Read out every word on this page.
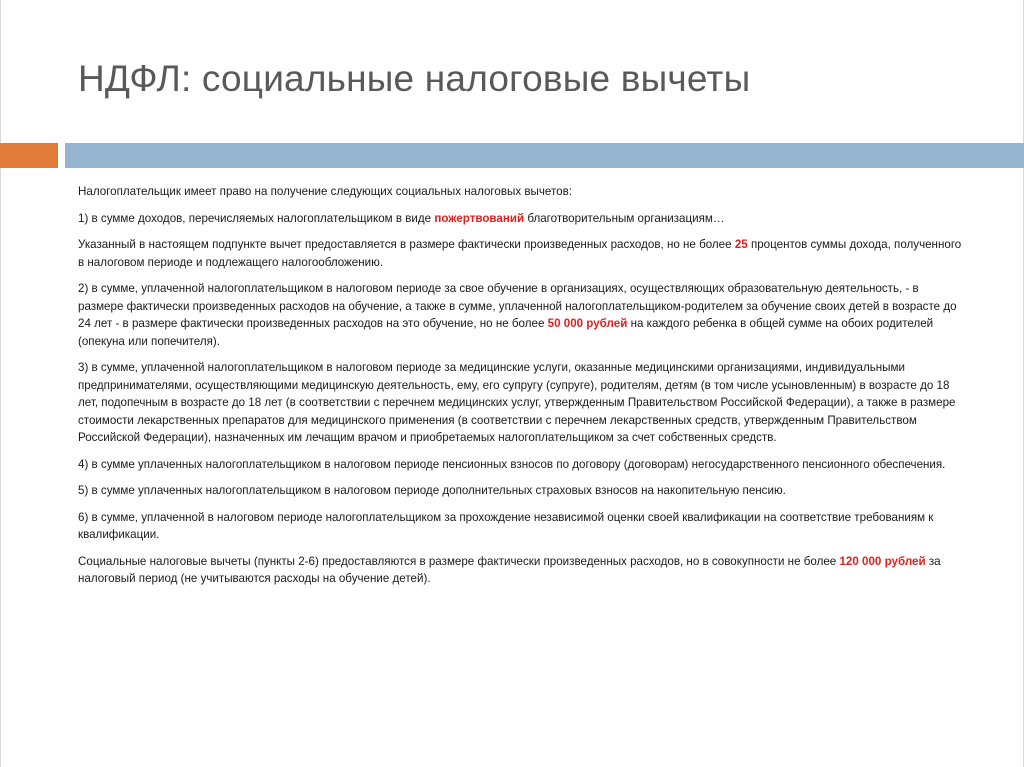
НДФЛ: социальные налоговые вычеты

Налогоплательщик имеет право на получение следующих социальных налоговых вычетов:

1) в сумме доходов, перечисляемых налогоплательщиком в виде пожертвований благотворительным организациям…

Указанный в настоящем подпункте вычет предоставляется в размере фактически произведенных расходов, но не более 25 процентов суммы дохода, полученного в налоговом периоде и подлежащего налогообложению.

2) в сумме, уплаченной налогоплательщиком в налоговом периоде за свое обучение в организациях, осуществляющих образовательную деятельность, - в размере фактически произведенных расходов на обучение, а также в сумме, уплаченной налогоплательщиком-родителем за обучение своих детей в возрасте до 24 лет - в размере фактически произведенных расходов на это обучение, но не более 50 000 рублей на каждого ребенка в общей сумме на обоих родителей (опекуна или попечителя).

3) в сумме, уплаченной налогоплательщиком в налоговом периоде за медицинские услуги, оказанные медицинскими организациями, индивидуальными предпринимателями, осуществляющими медицинскую деятельность, ему, его супругу (супруге), родителям, детям (в том числе усыновленным) в возрасте до 18 лет, подопечным в возрасте до 18 лет (в соответствии с перечнем медицинских услуг, утвержденным Правительством Российской Федерации), а также в размере стоимости лекарственных препаратов для медицинского применения (в соответствии с перечнем лекарственных средств, утвержденным Правительством Российской Федерации), назначенных им лечащим врачом и приобретаемых налогоплательщиком за счет собственных средств.

4) в сумме уплаченных налогоплательщиком в налоговом периоде пенсионных взносов по договору (договорам) негосударственного пенсионного обеспечения.

5) в сумме уплаченных налогоплательщиком в налоговом периоде дополнительных страховых взносов на накопительную пенсию.

6) в сумме, уплаченной в налоговом периоде налогоплательщиком за прохождение независимой оценки своей квалификации на соответствие требованиям к квалификации.

Социальные налоговые вычеты (пункты 2-6) предоставляются в размере фактически произведенных расходов, но в совокупности не более 120 000 рублей за налоговый период (не учитываются расходы на обучение детей).
